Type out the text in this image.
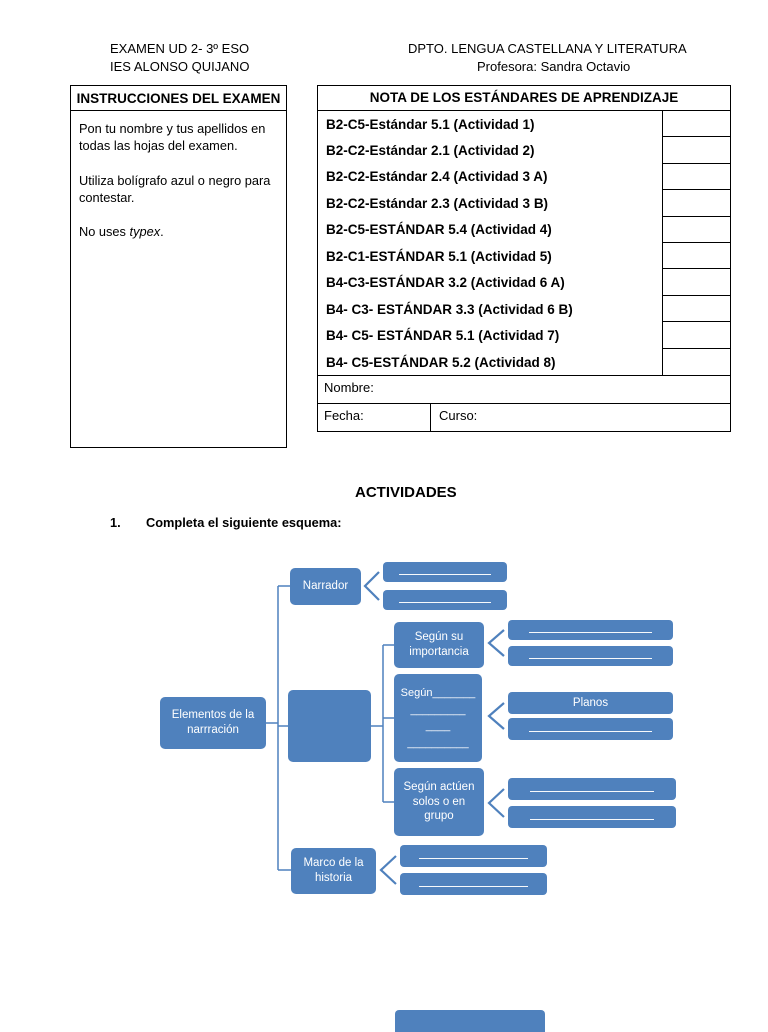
EXAMEN UD 2- 3º ESO
IES ALONSO QUIJANO
DPTO. LENGUA CASTELLANA Y LITERATURA
Profesora: Sandra Octavio
INSTRUCCIONES DEL EXAMEN

Pon tu nombre y tus apellidos en todas las hojas del examen.

Utiliza bolígrafo azul o negro para contestar.

No uses typex.

NOTA DE LOS ESTÁNDARES DE APRENDIZAJE
B2-C5-Estándar 5.1 (Actividad 1)
B2-C2-Estándar 2.1 (Actividad 2)
B2-C2-Estándar 2.4 (Actividad 3 A)
B2-C2-Estándar 2.3 (Actividad 3 B)
B2-C5-ESTÁNDAR 5.4 (Actividad 4)
B2-C1-ESTÁNDAR 5.1 (Actividad 5)
B4-C3-ESTÁNDAR 3.2 (Actividad 6 A)
B4- C3- ESTÁNDAR 3.3 (Actividad 6 B)
B4- C5- ESTÁNDAR 5.1 (Actividad 7)
B4- C5-ESTÁNDAR 5.2 (Actividad 8)
Nombre:
Fecha:	Curso:
ACTIVIDADES
1. Completa el siguiente esquema:
Elementos de la narrración
Narrador
Marco de la historia
Según su importancia
Según_______
_________
____
__________
Según actúen solos o en grupo
Planos
